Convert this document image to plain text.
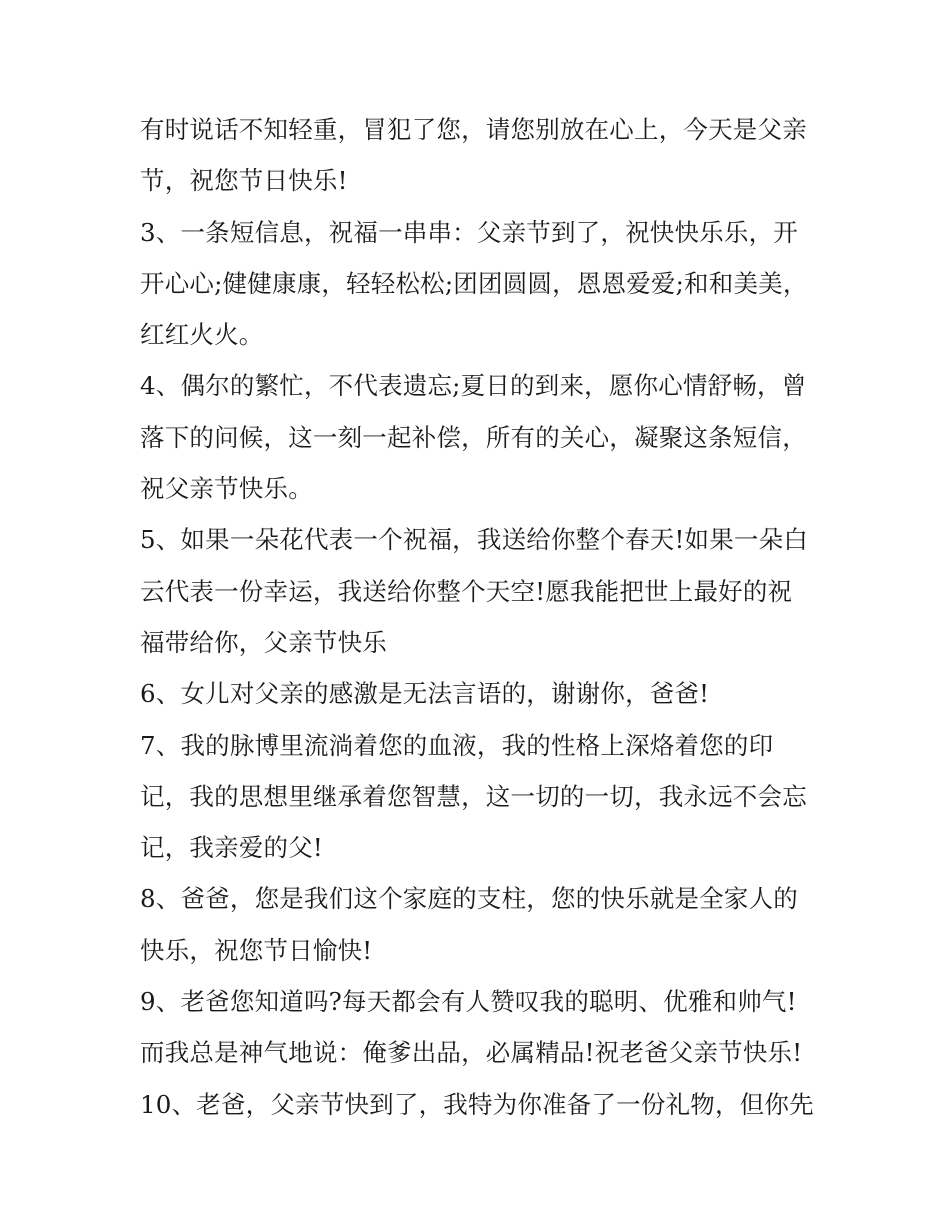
有时说话不知轻重，冒犯了您，请您别放在心上，今天是父亲
节，祝您节日快乐!
3、一条短信息，祝福一串串：父亲节到了，祝快快乐乐，开
开心心;健健康康，轻轻松松;团团圆圆，恩恩爱爱;和和美美，
红红火火。
4、偶尔的繁忙，不代表遗忘;夏日的到来，愿你心情舒畅，曾
落下的问候，这一刻一起补偿，所有的关心，凝聚这条短信，
祝父亲节快乐。
5、如果一朵花代表一个祝福，我送给你整个春天!如果一朵白
云代表一份幸运，我送给你整个天空!愿我能把世上最好的祝
福带给你，父亲节快乐
6、女儿对父亲的感激是无法言语的，谢谢你，爸爸!
7、我的脉博里流淌着您的血液，我的性格上深烙着您的印
记，我的思想里继承着您智慧，这一切的一切，我永远不会忘
记，我亲爱的父!
8、爸爸，您是我们这个家庭的支柱，您的快乐就是全家人的
快乐，祝您节日愉快!
9、老爸您知道吗?每天都会有人赞叹我的聪明、优雅和帅气!
而我总是神气地说：俺爹出品，必属精品!祝老爸父亲节快乐!
10、老爸，父亲节快到了，我特为你准备了一份礼物，但你先
